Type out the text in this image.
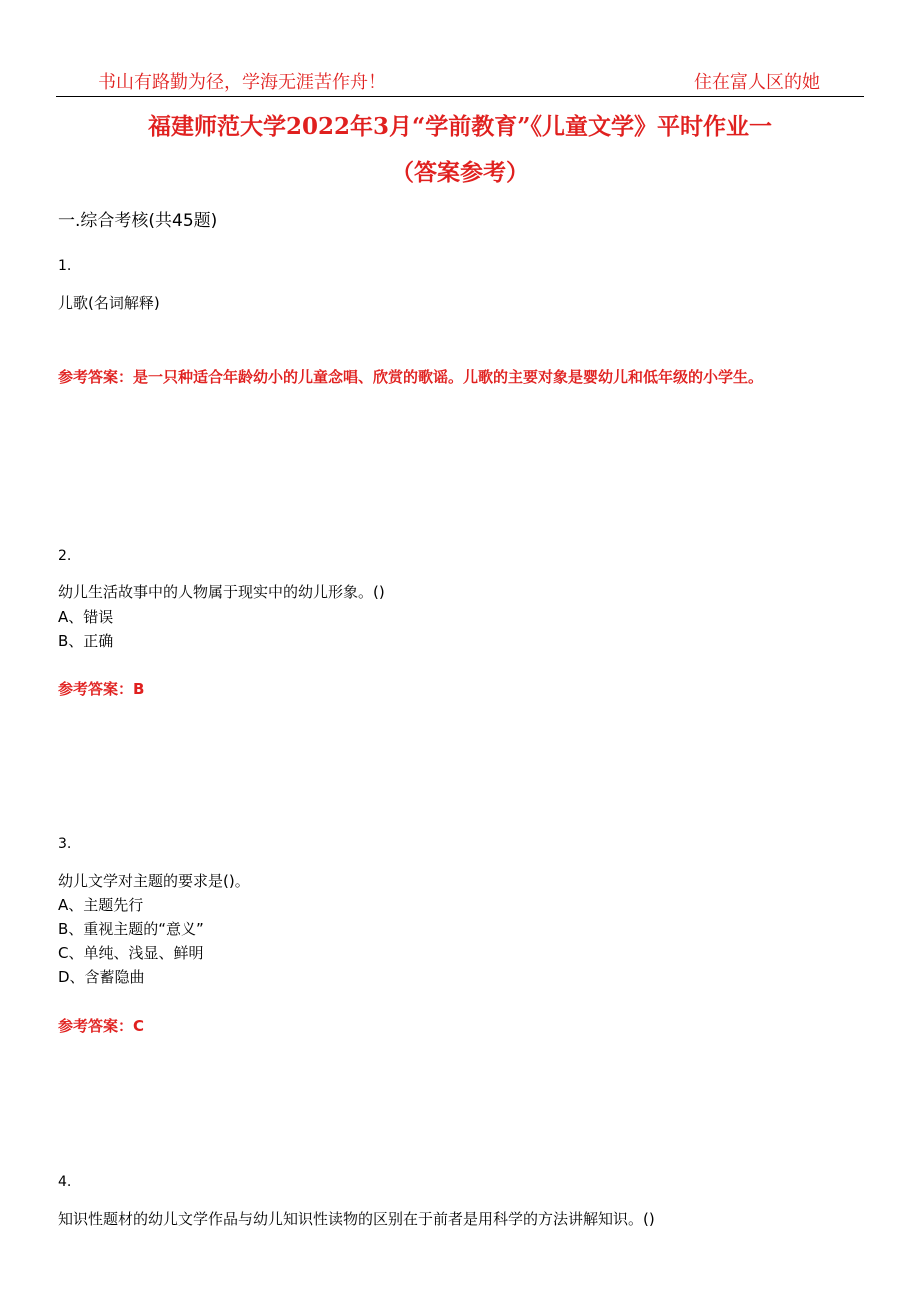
书山有路勤为径，学海无涯苦作舟！	住在富人区的她
福建师范大学2022年3月“学前教育”《儿童文学》平时作业一
（答案参考）
一.综合考核(共45题)
1.
儿歌(名词解释)
参考答案：是一只种适合年龄幼小的儿童念唱、欣赏的歌谣。儿歌的主要对象是婴幼儿和低年级的小学生。
2.
幼儿生活故事中的人物属于现实中的幼儿形象。()
A、错误
B、正确
参考答案：B
3.
幼儿文学对主题的要求是()。
A、主题先行
B、重视主题的“意义”
C、单纯、浅显、鲜明
D、含蓄隐曲
参考答案：C
4.
知识性题材的幼儿文学作品与幼儿知识性读物的区别在于前者是用科学的方法讲解知识。()
